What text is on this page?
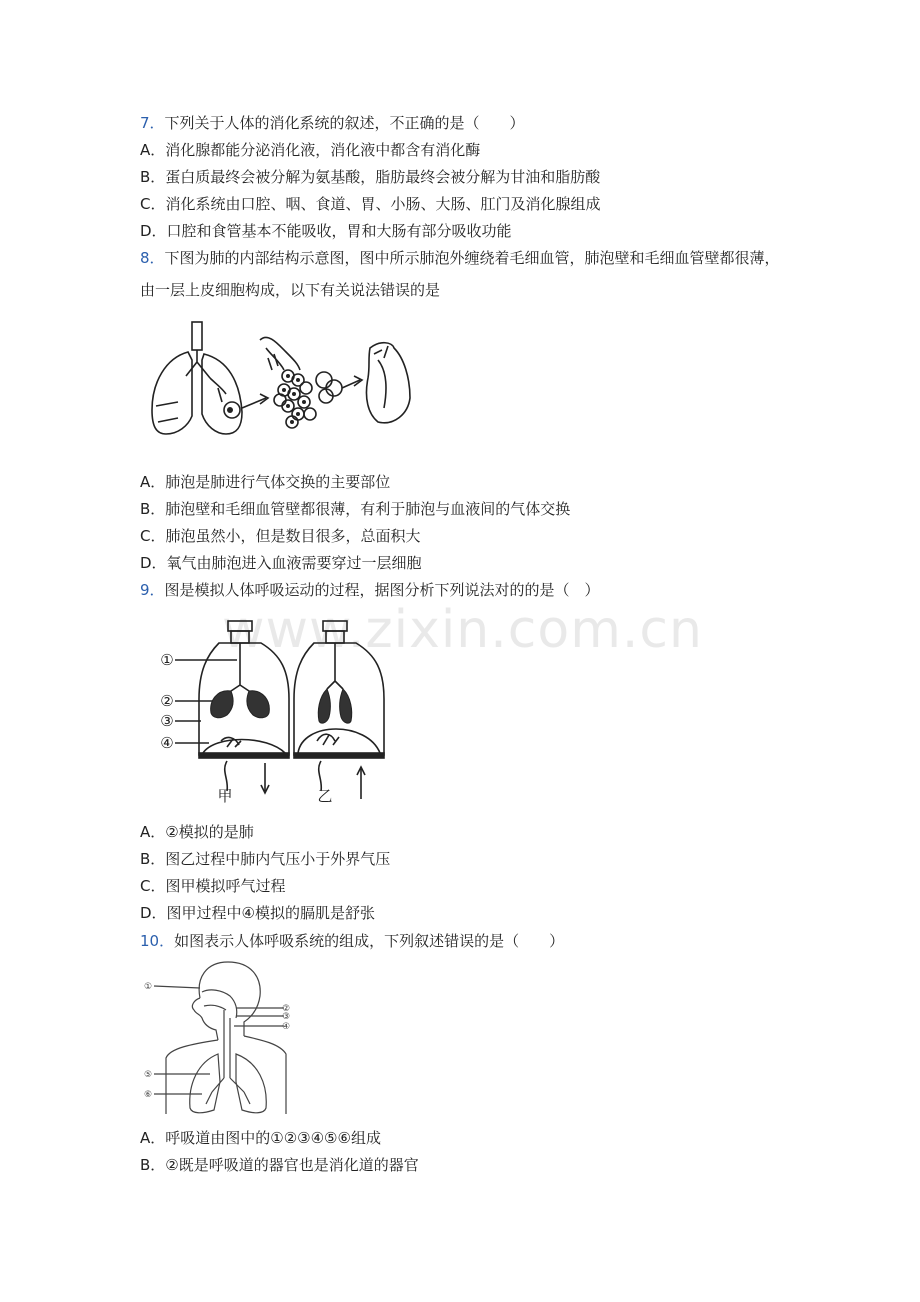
www.zixin.com.cn
7．下列关于人体的消化系统的叙述，不正确的是（　　）
A．消化腺都能分泌消化液，消化液中都含有消化酶
B．蛋白质最终会被分解为氨基酸，脂肪最终会被分解为甘油和脂肪酸
C．消化系统由口腔、咽、食道、胃、小肠、大肠、肛门及消化腺组成
D．口腔和食管基本不能吸收，胃和大肠有部分吸收功能
8．下图为肺的内部结构示意图，图中所示肺泡外缠绕着毛细血管，肺泡壁和毛细血管壁都很薄，由一层上皮细胞构成，以下有关说法错误的是
A．肺泡是肺进行气体交换的主要部位
B．肺泡壁和毛细血管壁都很薄，有利于肺泡与血液间的气体交换
C．肺泡虽然小，但是数目很多，总面积大
D．氧气由肺泡进入血液需要穿过一层细胞
9．图是模拟人体呼吸运动的过程，据图分析下列说法对的的是（　）
①
②
③
④
甲	乙
A．②模拟的是肺
B．图乙过程中肺内气压小于外界气压
C．图甲模拟呼气过程
D．图甲过程中④模拟的膈肌是舒张
10．如图表示人体呼吸系统的组成，下列叙述错误的是（　　）
①
②
③
④
⑤
⑥
A．呼吸道由图中的①②③④⑤⑥组成
B．②既是呼吸道的器官也是消化道的器官
